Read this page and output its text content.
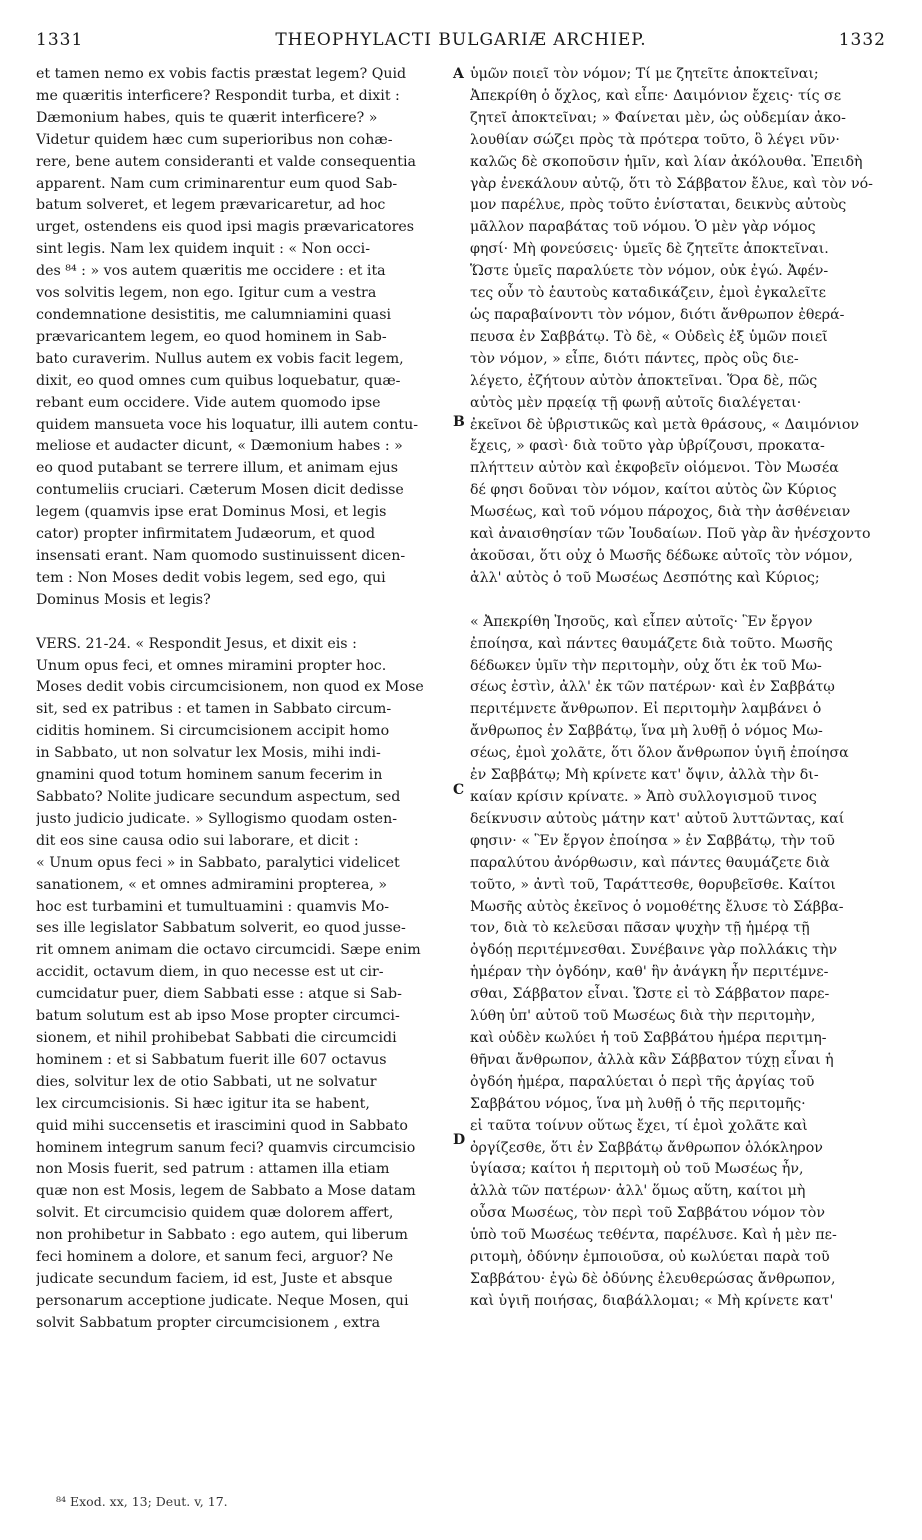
1331	THEOPHYLACTI BULGARIÆ ARCHIEP.	1332

et tamen nemo ex vobis factis præstat legem? Quid

me quæritis interficere? Respondit turba, et dixit :

Dæmonium habes, quis te quærit interficere? »

Videtur quidem hæc cum superioribus non cohæ-

rere, bene autem consideranti et valde consequentia

apparent. Nam cum criminarentur eum quod Sab-

batum solveret, et legem prævaricaretur, ad hoc

urget, ostendens eis quod ipsi magis prævaricatores

sint legis. Nam lex quidem inquit : « Non occi-

des ⁸⁴ : » vos autem quæritis me occidere : et ita

vos solvitis legem, non ego. Igitur cum a vestra

condemnatione desistitis, me calumniamini quasi

prævaricantem legem, eo quod hominem in Sab-

bato curaverim. Nullus autem ex vobis facit legem,

dixit, eo quod omnes cum quibus loquebatur, quæ-

rebant eum occidere. Vide autem quomodo ipse

quidem mansueta voce his loquatur, illi autem contu-

meliose et audacter dicunt, « Dæmonium habes : »

eo quod putabant se terrere illum, et animam ejus

contumeliis cruciari. Cæterum Mosen dicit dedisse

legem (quamvis ipse erat Dominus Mosi, et legis

cator) propter infirmitatem Judæorum, et quod

insensati erant. Nam quomodo sustinuissent dicen-

tem : Non Moses dedit vobis legem, sed ego, qui

Dominus Mosis et legis?

VERS. 21-24. « Respondit Jesus, et dixit eis :

Unum opus feci, et omnes miramini propter hoc.

Moses dedit vobis circumcisionem, non quod ex Mose

sit, sed ex patribus : et tamen in Sabbato circum-

ciditis hominem. Si circumcisionem accipit homo

in Sabbato, ut non solvatur lex Mosis, mihi indi-

gnamini quod totum hominem sanum fecerim in

Sabbato? Nolite judicare secundum aspectum, sed

justo judicio judicate. » Syllogismo quodam osten-

dit eos sine causa odio sui laborare, et dicit :

« Unum opus feci » in Sabbato, paralytici videlicet

sanationem, « et omnes admiramini propterea, »

hoc est turbamini et tumultuamini : quamvis Mo-

ses ille legislator Sabbatum solverit, eo quod jusse-

rit omnem animam die octavo circumcidi. Sæpe enim

accidit, octavum diem, in quo necesse est ut cir-

cumcidatur puer, diem Sabbati esse : atque si Sab-

batum solutum est ab ipso Mose propter circumci-

sionem, et nihil prohibebat Sabbati die circumcidi

hominem : et si Sabbatum fuerit ille 607 octavus

dies, solvitur lex de otio Sabbati, ut ne solvatur

lex circumcisionis. Si hæc igitur ita se habent,

quid mihi succensetis et irascimini quod in Sabbato

hominem integrum sanum feci? quamvis circumcisio

non Mosis fuerit, sed patrum : attamen illa etiam

quæ non est Mosis, legem de Sabbato a Mose datam

solvit. Et circumcisio quidem quæ dolorem affert,

non prohibetur in Sabbato : ego autem, qui liberum

feci hominem a dolore, et sanum feci, arguor? Ne

judicate secundum faciem, id est, Juste et absque

personarum acceptione judicate. Neque Mosen, qui

solvit Sabbatum propter circumcisionem , extra

ὑμῶν ποιεῖ τὸν νόμον; Τί με ζητεῖτε ἀποκτεῖναι;

Ἀπεκρίθη ὁ ὄχλος, καὶ εἶπε· Δαιμόνιον ἔχεις· τίς σε

ζητεῖ ἀποκτεῖναι; » Φαίνεται μὲν, ὡς οὐδεμίαν ἀκο-

λουθίαν σώζει πρὸς τὰ πρότερα τοῦτο, ὃ λέγει νῦν·

καλῶς δὲ σκοποῦσιν ἡμῖν, καὶ λίαν ἀκόλουθα. Ἐπειδὴ

γὰρ ἐνεκάλουν αὐτῷ, ὅτι τὸ Σάββατον ἔλυε, καὶ τὸν νό-

μον παρέλυε, πρὸς τοῦτο ἐνίσταται, δεικνὺς αὐτοὺς

μᾶλλον παραβάτας τοῦ νόμου. Ὁ μὲν γὰρ νόμος

φησί· Μὴ φονεύσεις· ὑμεῖς δὲ ζητεῖτε ἀποκτεῖναι.

Ὥστε ὑμεῖς παραλύετε τὸν νόμον, οὐκ ἐγώ. Ἀφέν-

τες οὖν τὸ ἑαυτοὺς καταδικάζειν, ἐμοὶ ἐγκαλεῖτε

ὡς παραβαίνοντι τὸν νόμον, διότι ἄνθρωπον ἐθερά-

πευσα ἐν Σαββάτῳ. Τὸ δὲ, « Οὐδεὶς ἐξ ὑμῶν ποιεῖ

τὸν νόμον, » εἶπε, διότι πάντες, πρὸς οὓς διε-

λέγετο, ἐζήτουν αὐτὸν ἀποκτεῖναι. Ὅρα δὲ, πῶς

αὐτὸς μὲν πρᾳείᾳ τῇ φωνῇ αὐτοῖς διαλέγεται·

ἐκεῖνοι δὲ ὑβριστικῶς καὶ μετὰ θράσους, « Δαιμόνιον

ἔχεις, » φασὶ· διὰ τοῦτο γὰρ ὑβρίζουσι, προκατα-

πλήττειν αὐτὸν καὶ ἐκφοβεῖν οἰόμενοι. Τὸν Μωσέα

δέ φησι δοῦναι τὸν νόμον, καίτοι αὐτὸς ὢν Κύριος

Μωσέως, καὶ τοῦ νόμου πάροχος, διὰ τὴν ἀσθένειαν

καὶ ἀναισθησίαν τῶν Ἰουδαίων. Ποῦ γὰρ ἂν ἠνέσχοντο

ἀκοῦσαι, ὅτι οὐχ ὁ Μωσῆς δέδωκε αὐτοῖς τὸν νόμον,

ἀλλ' αὐτὸς ὁ τοῦ Μωσέως Δεσπότης καὶ Κύριος;

« Ἀπεκρίθη Ἰησοῦς, καὶ εἶπεν αὐτοῖς· Ἓν ἔργον

ἐποίησα, καὶ πάντες θαυμάζετε διὰ τοῦτο. Μωσῆς

δέδωκεν ὑμῖν τὴν περιτομὴν, οὐχ ὅτι ἐκ τοῦ Μω-

σέως ἐστὶν, ἀλλ' ἐκ τῶν πατέρων· καὶ ἐν Σαββάτῳ

περιτέμνετε ἄνθρωπον. Εἰ περιτομὴν λαμβάνει ὁ

ἄνθρωπος ἐν Σαββάτῳ, ἵνα μὴ λυθῇ ὁ νόμος Μω-

σέως, ἐμοὶ χολᾶτε, ὅτι ὅλον ἄνθρωπον ὑγιῆ ἐποίησα

ἐν Σαββάτῳ; Μὴ κρίνετε κατ' ὄψιν, ἀλλὰ τὴν δι-

καίαν κρίσιν κρίνατε. » Ἀπὸ συλλογισμοῦ τινος

δείκνυσιν αὐτοὺς μάτην κατ' αὐτοῦ λυττῶντας, καί

φησιν· « Ἓν ἔργον ἐποίησα » ἐν Σαββάτῳ, τὴν τοῦ

παραλύτου ἀνόρθωσιν, καὶ πάντες θαυμάζετε διὰ

τοῦτο, » ἀντὶ τοῦ, Ταράττεσθε, θορυβεῖσθε. Καίτοι

Μωσῆς αὐτὸς ἐκεῖνος ὁ νομοθέτης ἔλυσε τὸ Σάββα-

τον, διὰ τὸ κελεῦσαι πᾶσαν ψυχὴν τῇ ἡμέρᾳ τῇ

ὀγδόῃ περιτέμνεσθαι. Συνέβαινε γὰρ πολλάκις τὴν

ἡμέραν τὴν ὀγδόην, καθ' ἣν ἀνάγκη ἦν περιτέμνε-

σθαι, Σάββατον εἶναι. Ὥστε εἰ τὸ Σάββατον παρε-

λύθη ὑπ' αὐτοῦ τοῦ Μωσέως διὰ τὴν περιτομὴν,

καὶ οὐδὲν κωλύει ἡ τοῦ Σαββάτου ἡμέρα περιτμη-

θῆναι ἄνθρωπον, ἀλλὰ κἂν Σάββατον τύχῃ εἶναι ἡ

ὀγδόη ἡμέρα, παραλύεται ὁ περὶ τῆς ἀργίας τοῦ

Σαββάτου νόμος, ἵνα μὴ λυθῇ ὁ τῆς περιτομῆς·

εἰ ταῦτα τοίνυν οὕτως ἔχει, τί ἐμοὶ χολᾶτε καὶ

ὀργίζεσθε, ὅτι ἐν Σαββάτῳ ἄνθρωπον ὁλόκληρον

ὑγίασα; καίτοι ἡ περιτομὴ οὐ τοῦ Μωσέως ἦν,

ἀλλὰ τῶν πατέρων· ἀλλ' ὅμως αὕτη, καίτοι μὴ

οὖσα Μωσέως, τὸν περὶ τοῦ Σαββάτου νόμον τὸν

ὑπὸ τοῦ Μωσέως τεθέντα, παρέλυσε. Καὶ ἡ μὲν πε-

ριτομὴ, ὀδύνην ἐμποιοῦσα, οὐ κωλύεται παρὰ τοῦ

Σαββάτου· ἐγὼ δὲ ὀδύνης ἐλευθερώσας ἄνθρωπον,

καὶ ὑγιῆ ποιήσας, διαβάλλομαι; « Μὴ κρίνετε κατ'

A
B
C
D
⁸⁴ Exod. xx, 13; Deut. v, 17.
